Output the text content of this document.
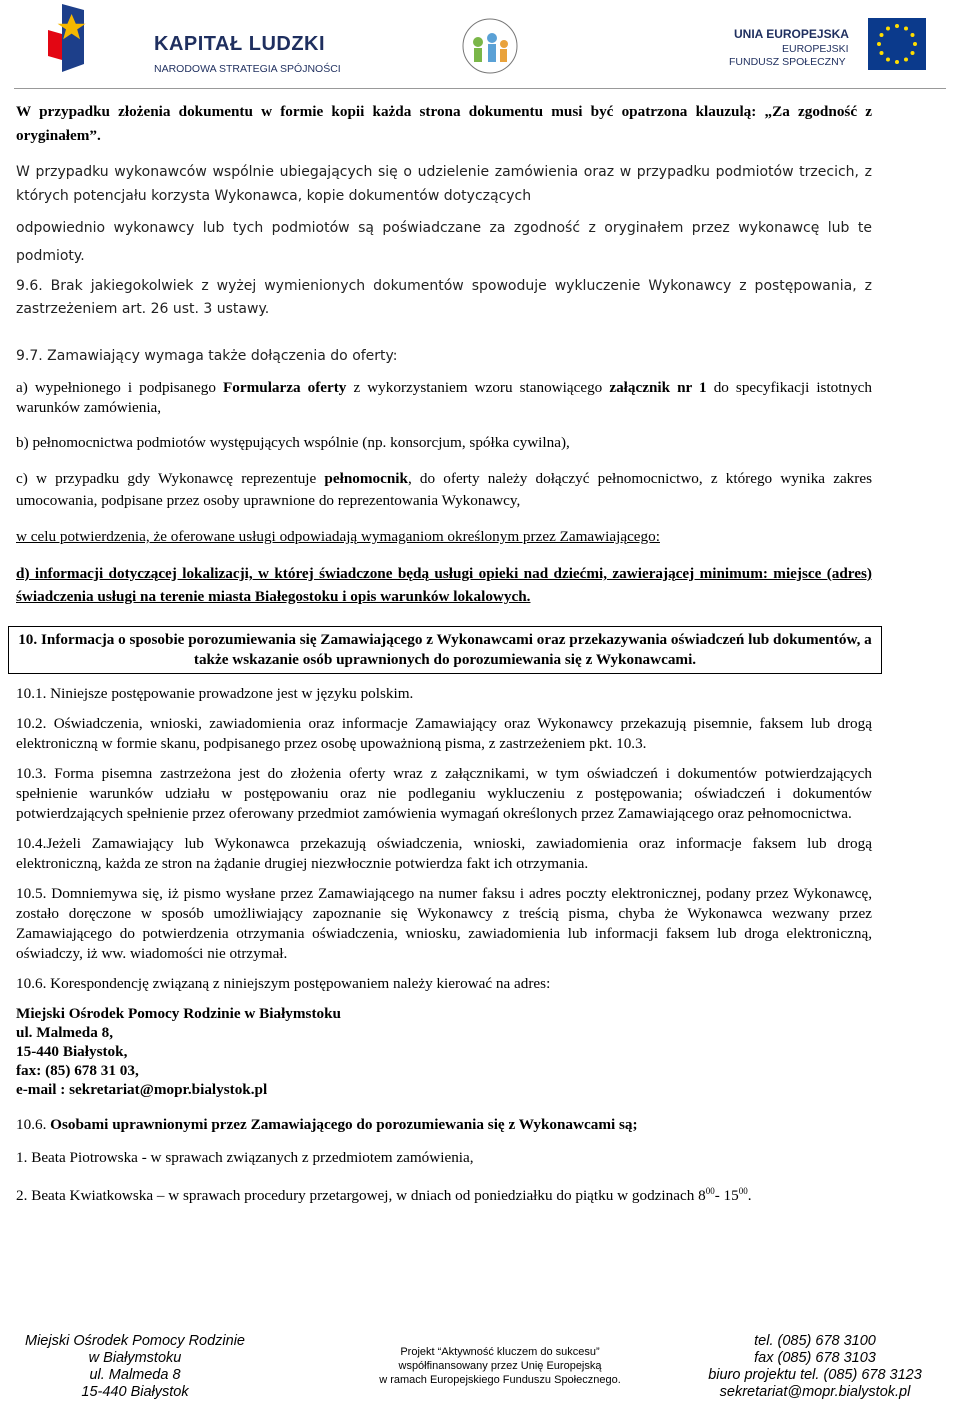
KAPITAŁ LUDZKI
NARODOWA STRATEGIA SPÓJNOŚCI
UNIA EUROPEJSKA
EUROPEJSKI
FUNDUSZ SPOŁECZNY

W przypadku złożenia dokumentu w formie kopii każda strona dokumentu musi być opatrzona klauzulą: „Za zgodność z oryginałem”.

W przypadku wykonawców wspólnie ubiegających się o udzielenie zamówienia oraz w przypadku podmiotów trzecich, z których potencjału korzysta Wykonawca, kopie dokumentów dotyczących

odpowiednio wykonawcy lub tych podmiotów są poświadczane za zgodność z oryginałem przez wykonawcę lub te podmioty.

9.6. Brak jakiegokolwiek z wyżej wymienionych dokumentów spowoduje wykluczenie Wykonawcy z postępowania, z zastrzeżeniem art. 26 ust. 3 ustawy.

9.7. Zamawiający wymaga także dołączenia do oferty:

a) wypełnionego i podpisanego Formularza oferty z wykorzystaniem wzoru stanowiącego załącznik nr 1 do specyfikacji istotnych warunków zamówienia,

b) pełnomocnictwa podmiotów występujących wspólnie (np. konsorcjum, spółka cywilna),

c) w przypadku gdy Wykonawcę reprezentuje pełnomocnik, do oferty należy dołączyć pełnomocnictwo, z którego wynika zakres umocowania, podpisane przez osoby uprawnione do reprezentowania Wykonawcy,

w celu potwierdzenia, że oferowane usługi odpowiadają wymaganiom określonym przez Zamawiającego:

d) informacji dotyczącej lokalizacji, w której świadczone będą usługi opieki nad dziećmi, zawierającej minimum: miejsce (adres) świadczenia usługi na terenie miasta Białegostoku i opis warunków lokalowych.

10. Informacja o sposobie porozumiewania się Zamawiającego z Wykonawcami oraz przekazywania oświadczeń lub dokumentów, a także wskazanie osób uprawnionych do porozumiewania się z Wykonawcami.

10.1. Niniejsze postępowanie prowadzone jest w języku polskim.

10.2. Oświadczenia, wnioski, zawiadomienia oraz informacje Zamawiający oraz Wykonawcy przekazują pisemnie, faksem lub drogą elektroniczną w formie skanu, podpisanego przez osobę upoważnioną pisma, z zastrzeżeniem pkt. 10.3.

10.3. Forma pisemna zastrzeżona jest do złożenia oferty wraz z załącznikami, w tym oświadczeń i dokumentów potwierdzających spełnienie warunków udziału w postępowaniu oraz nie podleganiu wykluczeniu z postępowania; oświadczeń i dokumentów potwierdzających spełnienie przez oferowany przedmiot zamówienia wymagań określonych przez Zamawiającego oraz pełnomocnictwa.

10.4.Jeżeli Zamawiający lub Wykonawca przekazują oświadczenia, wnioski, zawiadomienia oraz informacje faksem lub drogą elektroniczną, każda ze stron na żądanie drugiej niezwłocznie potwierdza fakt ich otrzymania.

10.5. Domniemywa się, iż pismo wysłane przez Zamawiającego na numer faksu i adres poczty elektronicznej, podany przez Wykonawcę, zostało doręczone w sposób umożliwiający zapoznanie się Wykonawcy z treścią pisma, chyba że Wykonawca wezwany przez Zamawiającego do potwierdzenia otrzymania oświadczenia, wniosku, zawiadomienia lub informacji faksem lub droga elektroniczną, oświadczy, iż ww. wiadomości nie otrzymał.

10.6. Korespondencję związaną z niniejszym postępowaniem należy kierować na adres:

Miejski Ośrodek Pomocy Rodzinie w Białymstoku
ul. Malmeda 8,
15-440 Białystok,
fax: (85) 678 31 03,
e-mail : sekretariat@mopr.bialystok.pl

10.6. Osobami uprawnionymi przez Zamawiającego do porozumiewania się z Wykonawcami są;

1. Beata Piotrowska - w sprawach związanych z przedmiotem zamówienia,

2. Beata Kwiatkowska – w sprawach procedury przetargowej, w dniach od poniedziałku do piątku w godzinach $8^{00}-$ $15^{00}$.

Miejski Ośrodek Pomocy Rodzinie
w Białymstoku
ul. Malmeda 8
15-440 Białystok
Projekt “Aktywność kluczem do sukcesu”
współfinansowany przez Unię Europejską
w ramach Europejskiego Funduszu Społecznego.
tel. (085) 678 3100
fax (085) 678 3103
biuro projektu tel. (085) 678 3123
sekretariat@mopr.bialystok.pl
